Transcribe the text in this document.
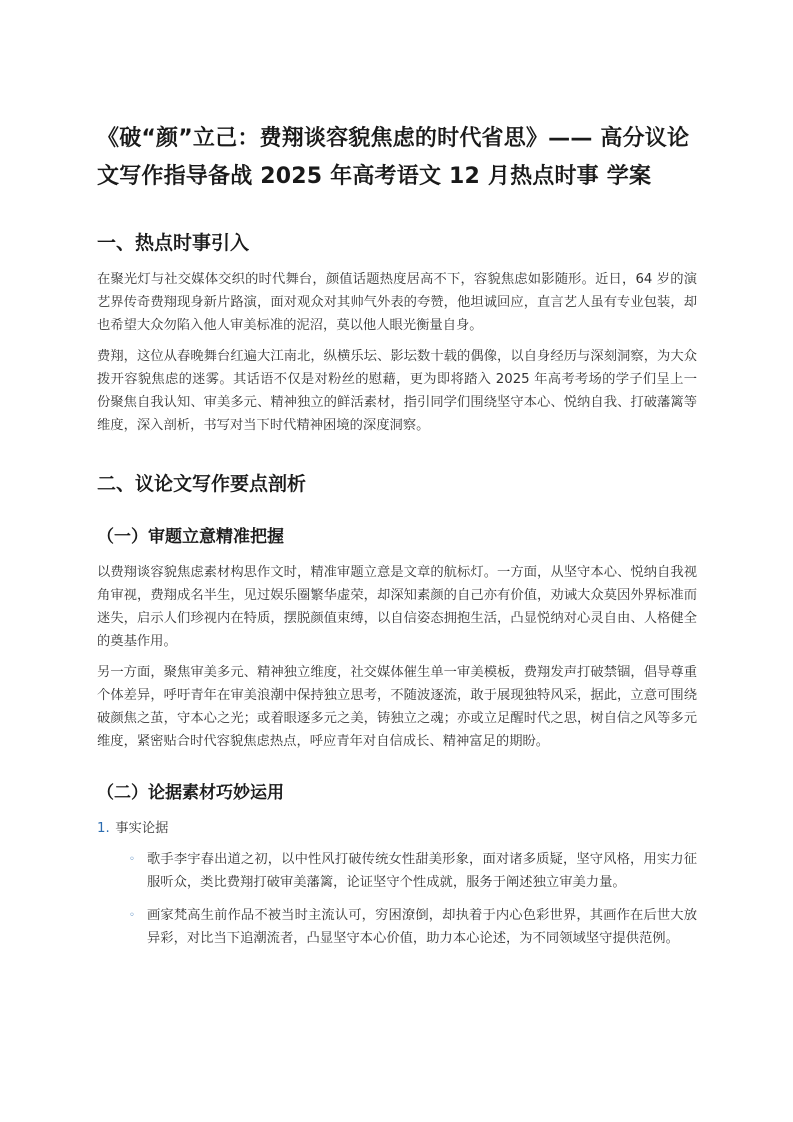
《破“颜”立己：费翔谈容貌焦虑的时代省思》—— 高分议论文写作指导备战 2025 年高考语文 12 月热点时事 学案
一、热点时事引入

在聚光灯与社交媒体交织的时代舞台，颜值话题热度居高不下，容貌焦虑如影随形。近日，64 岁的演艺界传奇费翔现身新片路演，面对观众对其帅气外表的夸赞，他坦诚回应，直言艺人虽有专业包装，却也希望大众勿陷入他人审美标准的泥沼，莫以他人眼光衡量自身。

费翔，这位从春晚舞台红遍大江南北，纵横乐坛、影坛数十载的偶像，以自身经历与深刻洞察，为大众拨开容貌焦虑的迷雾。其话语不仅是对粉丝的慰藉，更为即将踏入 2025 年高考考场的学子们呈上一份聚焦自我认知、审美多元、精神独立的鲜活素材，指引同学们围绕坚守本心、悦纳自我、打破藩篱等维度，深入剖析，书写对当下时代精神困境的深度洞察。

二、议论文写作要点剖析
（一）审题立意精准把握

以费翔谈容貌焦虑素材构思作文时，精准审题立意是文章的航标灯。一方面，从坚守本心、悦纳自我视角审视，费翔成名半生，见过娱乐圈繁华虚荣，却深知素颜的自己亦有价值，劝诫大众莫因外界标准而迷失，启示人们珍视内在特质，摆脱颜值束缚，以自信姿态拥抱生活，凸显悦纳对心灵自由、人格健全的奠基作用。

另一方面，聚焦审美多元、精神独立维度，社交媒体催生单一审美模板，费翔发声打破禁锢，倡导尊重个体差异，呼吁青年在审美浪潮中保持独立思考，不随波逐流，敢于展现独特风采，据此，立意可围绕破颜焦之茧，守本心之光；或着眼逐多元之美，铸独立之魂；亦或立足醒时代之思，树自信之风等多元维度，紧密贴合时代容貌焦虑热点，呼应青年对自信成长、精神富足的期盼。

（二）论据素材巧妙运用
1. 事实论据
◦ 歌手李宇春出道之初，以中性风打破传统女性甜美形象，面对诸多质疑，坚守风格，用实力征服听众，类比费翔打破审美藩篱，论证坚守个性成就，服务于阐述独立审美力量。
◦ 画家梵高生前作品不被当时主流认可，穷困潦倒，却执着于内心色彩世界，其画作在后世大放异彩，对比当下追潮流者，凸显坚守本心价值，助力本心论述，为不同领域坚守提供范例。
